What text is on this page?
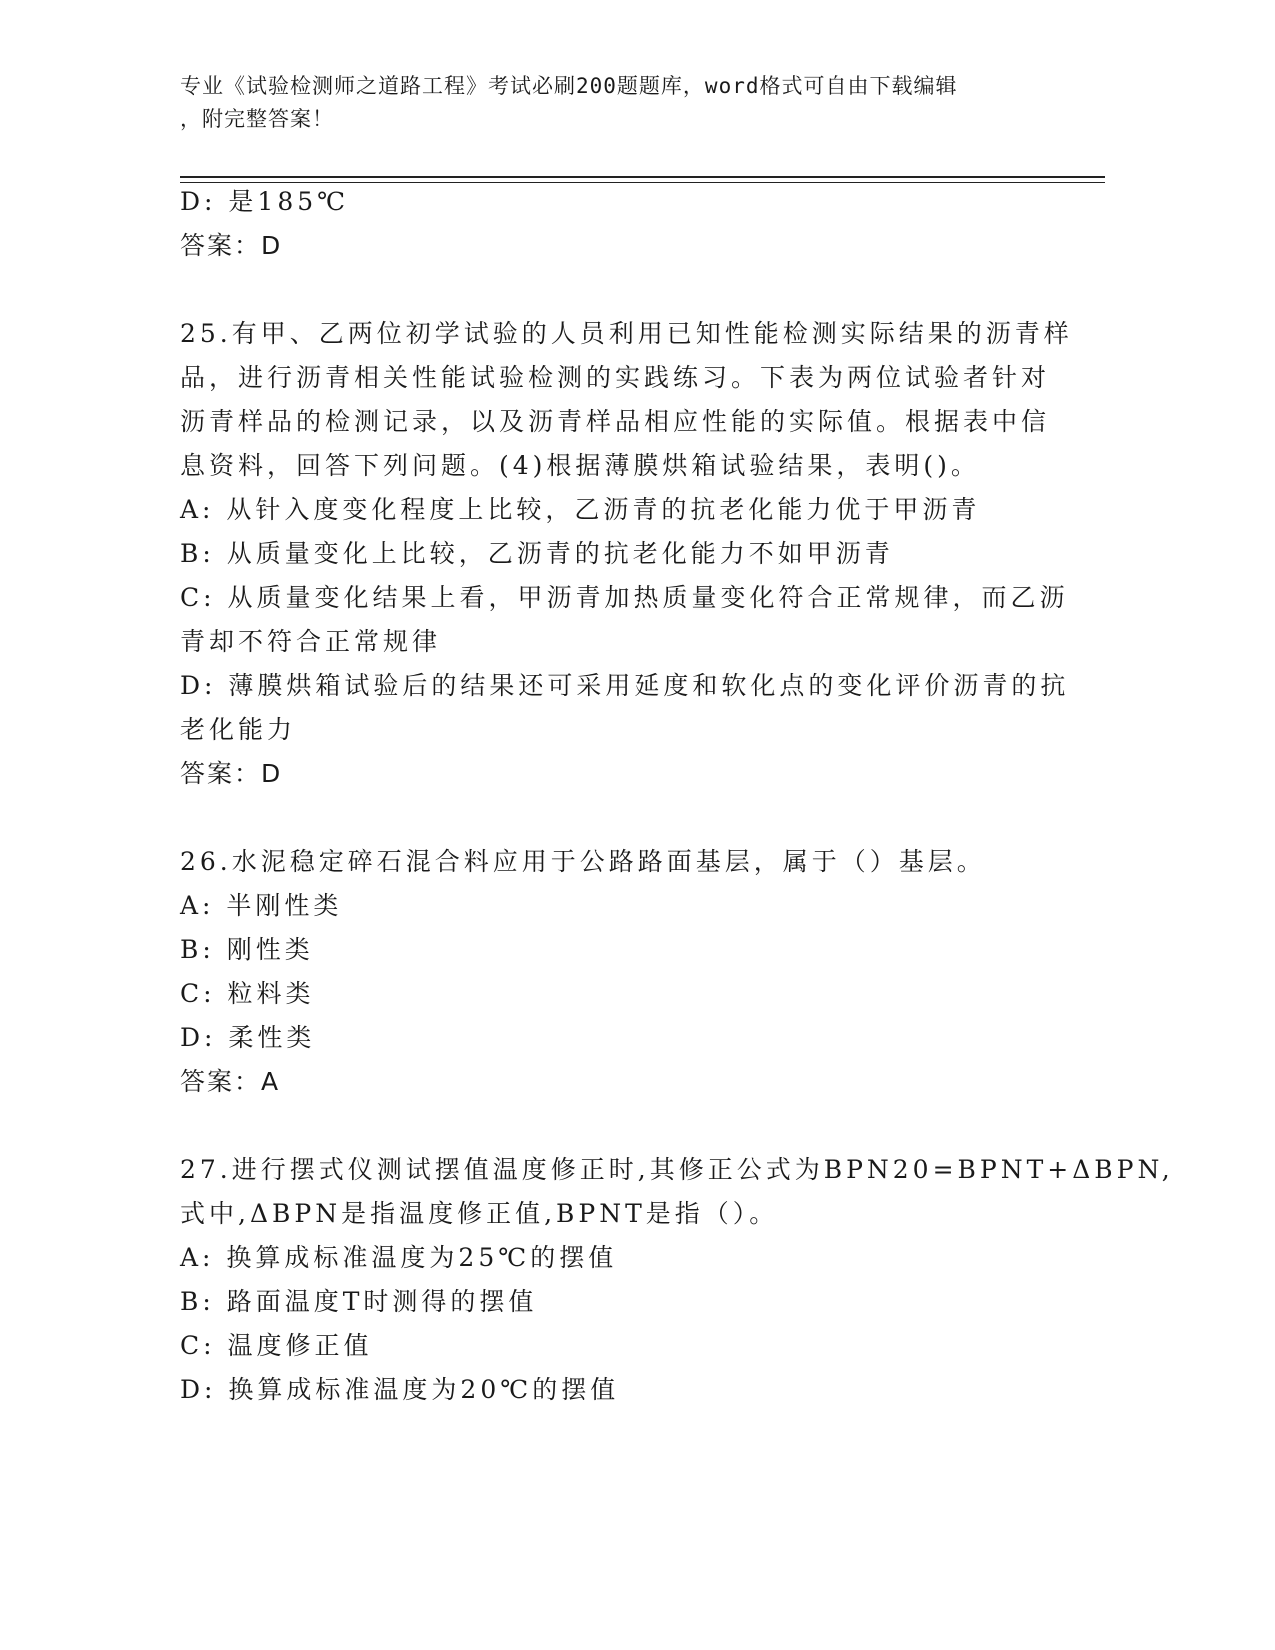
专业《试验检测师之道路工程》考试必刷200题题库，word格式可自由下载编辑
，附完整答案！
D: 是185℃
答案：D
25.有甲、乙两位初学试验的人员利用已知性能检测实际结果的沥青样
品，进行沥青相关性能试验检测的实践练习。下表为两位试验者针对
沥青样品的检测记录，以及沥青样品相应性能的实际值。根据表中信
息资料，回答下列问题。(4)根据薄膜烘箱试验结果，表明()。
A: 从针入度变化程度上比较，乙沥青的抗老化能力优于甲沥青
B: 从质量变化上比较，乙沥青的抗老化能力不如甲沥青
C: 从质量变化结果上看，甲沥青加热质量变化符合正常规律，而乙沥
青却不符合正常规律
D: 薄膜烘箱试验后的结果还可采用延度和软化点的变化评价沥青的抗
老化能力
答案：D
26.水泥稳定碎石混合料应用于公路路面基层，属于（）基层。
A: 半刚性类
B: 刚性类
C: 粒料类
D: 柔性类
答案：A
27.进行摆式仪测试摆值温度修正时,其修正公式为BPN20=BPNT+ΔBPN,
式中,ΔBPN是指温度修正值,BPNT是指（）。
A: 换算成标准温度为25℃的摆值
B: 路面温度T时测得的摆值
C: 温度修正值
D: 换算成标准温度为20℃的摆值
